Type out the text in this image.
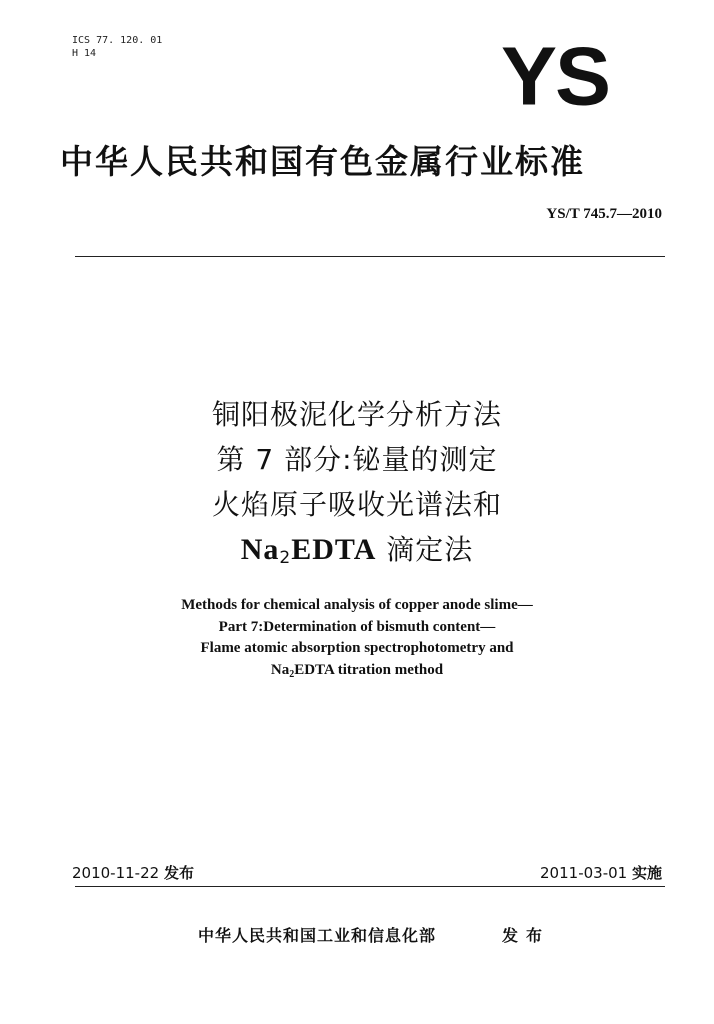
ICS 77. 120. 01
H 14	YS
中华人民共和国有色金属行业标准
YS/T 745.7—2010
铜阳极泥化学分析方法
第 7 部分:铋量的测定
火焰原子吸收光谱法和
$Na_2EDTA$ 滴定法
Methods for chemical analysis of copper anode slime—
Part 7:Determination of bismuth content—
Flame atomic absorption spectrophotometry and
$Na_2EDTA$ titration method
2010-11-22 发布	2011-03-01 实施
中华人民共和国工业和信息化部	发布
